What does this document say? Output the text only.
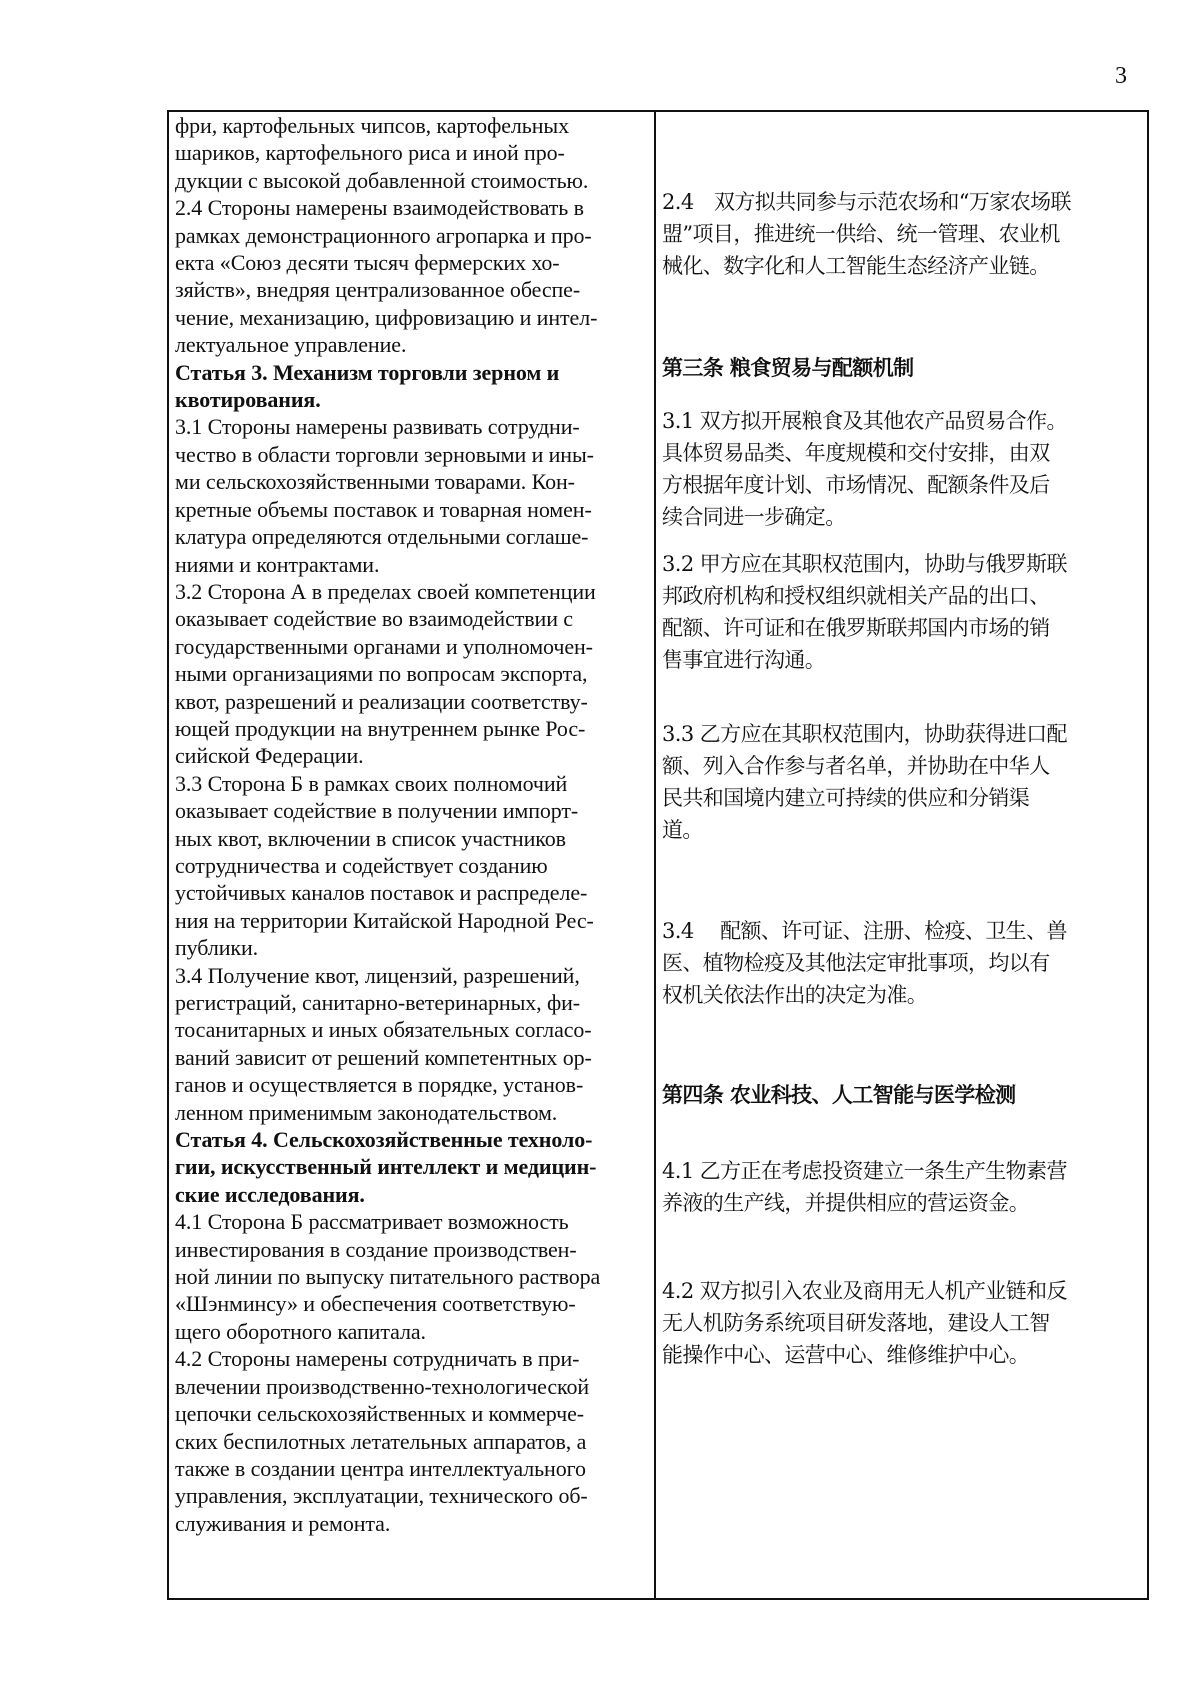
3

фри, картофельных чипсов, картофельных

шариков, картофельного риса и иной про-

дукции с высокой добавленной стоимостью.

2.4 Стороны намерены взаимодействовать в

рамках демонстрационного агропарка и про-

екта «Союз десяти тысяч фермерских хо-

зяйств», внедряя централизованное обеспе-

чение, механизацию, цифровизацию и интел-

лектуальное управление.

Статья 3. Механизм торговли зерном и

квотирования.

3.1 Стороны намерены развивать сотрудни-

чество в области торговли зерновыми и ины-

ми сельскохозяйственными товарами. Кон-

кретные объемы поставок и товарная номен-

клатура определяются отдельными соглаше-

ниями и контрактами.

3.2 Сторона А в пределах своей компетенции

оказывает содействие во взаимодействии с

государственными органами и уполномочен-

ными организациями по вопросам экспорта,

квот, разрешений и реализации соответству-

ющей продукции на внутреннем рынке Рос-

сийской Федерации.

3.3 Сторона Б в рамках своих полномочий

оказывает содействие в получении импорт-

ных квот, включении в список участников

сотрудничества и содействует созданию

устойчивых каналов поставок и распределе-

ния на территории Китайской Народной Рес-

публики.

3.4 Получение квот, лицензий, разрешений,

регистраций, санитарно-ветеринарных, фи-

тосанитарных и иных обязательных согласо-

ваний зависит от решений компетентных ор-

ганов и осуществляется в порядке, установ-

ленном применимым законодательством.

Статья 4. Сельскохозяйственные техноло-

гии, искусственный интеллект и медицин-

ские исследования.

4.1 Сторона Б рассматривает возможность

инвестирования в создание производствен-

ной линии по выпуску питательного раствора

«Шэнминсу» и обеспечения соответствую-

щего оборотного капитала.

4.2 Стороны намерены сотрудничать в при-

влечении производственно-технологической

цепочки сельскохозяйственных и коммерче-

ских беспилотных летательных аппаратов, а

также в создании центра интеллектуального

управления, эксплуатации, технического об-

служивания и ремонта.

2.4　双方拟共同参与示范农场和“万家农场联
盟”项目，推进统一供给、统一管理、农业机
械化、数字化和人工智能生态经济产业链。
第三条 粮食贸易与配额机制
3.1 双方拟开展粮食及其他农产品贸易合作。
具体贸易品类、年度规模和交付安排，由双
方根据年度计划、市场情况、配额条件及后
续合同进一步确定。
3.2 甲方应在其职权范围内，协助与俄罗斯联
邦政府机构和授权组织就相关产品的出口、
配额、许可证和在俄罗斯联邦国内市场的销
售事宜进行沟通。
3.3 乙方应在其职权范围内，协助获得进口配
额、列入合作参与者名单，并协助在中华人
民共和国境内建立可持续的供应和分销渠
道。
3.4　 配额、许可证、注册、检疫、卫生、兽
医、植物检疫及其他法定审批事项，均以有
权机关依法作出的决定为准。
第四条 农业科技、人工智能与医学检测
4.1 乙方正在考虑投资建立一条生产生物素营
养液的生产线，并提供相应的营运资金。
4.2 双方拟引入农业及商用无人机产业链和反
无人机防务系统项目研发落地，建设人工智
能操作中心、运营中心、维修维护中心。
